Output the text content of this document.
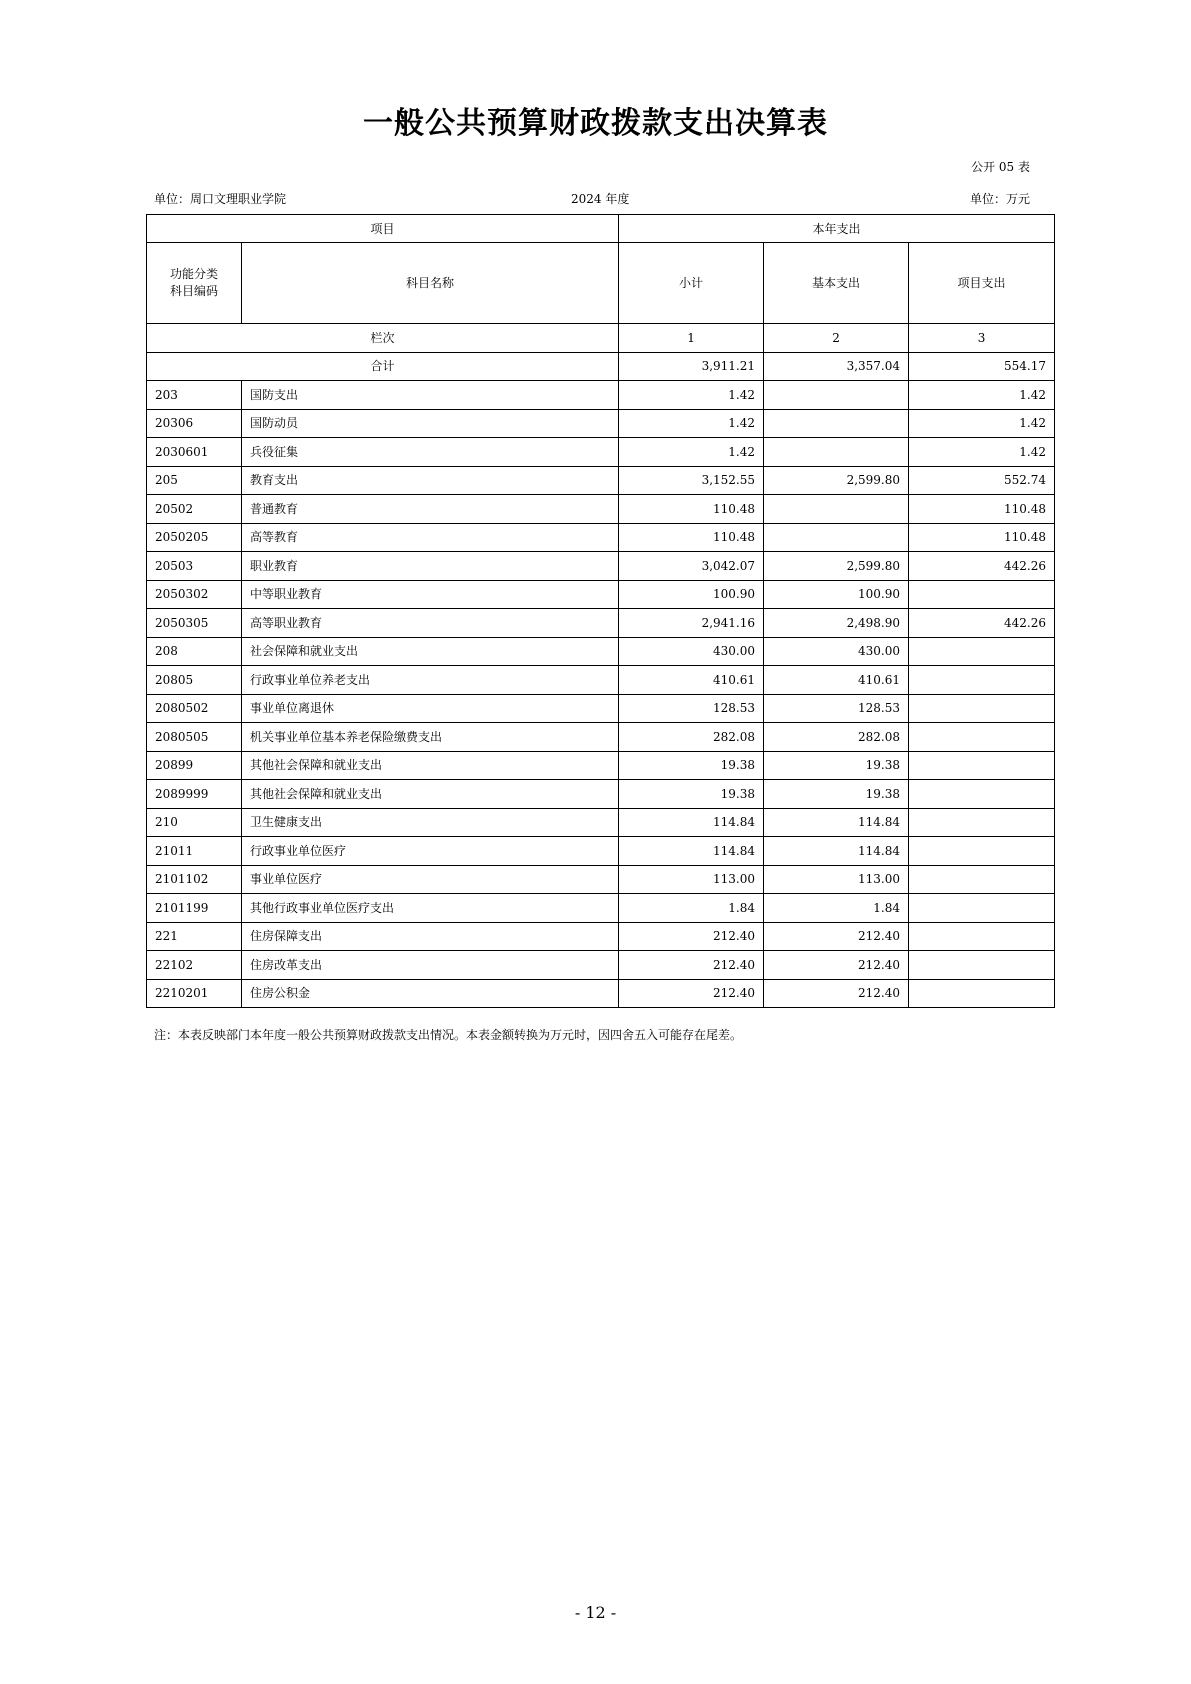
一般公共预算财政拨款支出决算表
公开 05 表
单位：周口文理职业学院	2024 年度	单位：万元
项目		本年支出		
功能分类
科目编码	科目名称	小计	基本支出	项目支出
栏次		1	2	3
合计		3,911.21	3,357.04	554.17
203	国防支出	1.42		1.42
20306	国防动员	1.42		1.42
2030601	兵役征集	1.42		1.42
205	教育支出	3,152.55	2,599.80	552.74
20502	普通教育	110.48		110.48
2050205	高等教育	110.48		110.48
20503	职业教育	3,042.07	2,599.80	442.26
2050302	中等职业教育	100.90	100.90	
2050305	高等职业教育	2,941.16	2,498.90	442.26
208	社会保障和就业支出	430.00	430.00	
20805	行政事业单位养老支出	410.61	410.61	
2080502	事业单位离退休	128.53	128.53	
2080505	机关事业单位基本养老保险缴费支出	282.08	282.08	
20899	其他社会保障和就业支出	19.38	19.38	
2089999	其他社会保障和就业支出	19.38	19.38	
210	卫生健康支出	114.84	114.84	
21011	行政事业单位医疗	114.84	114.84	
2101102	事业单位医疗	113.00	113.00	
2101199	其他行政事业单位医疗支出	1.84	1.84	
221	住房保障支出	212.40	212.40	
22102	住房改革支出	212.40	212.40	
2210201	住房公积金	212.40	212.40	
注：本表反映部门本年度一般公共预算财政拨款支出情况。本表金额转换为万元时，因四舍五入可能存在尾差。
- 12 -
